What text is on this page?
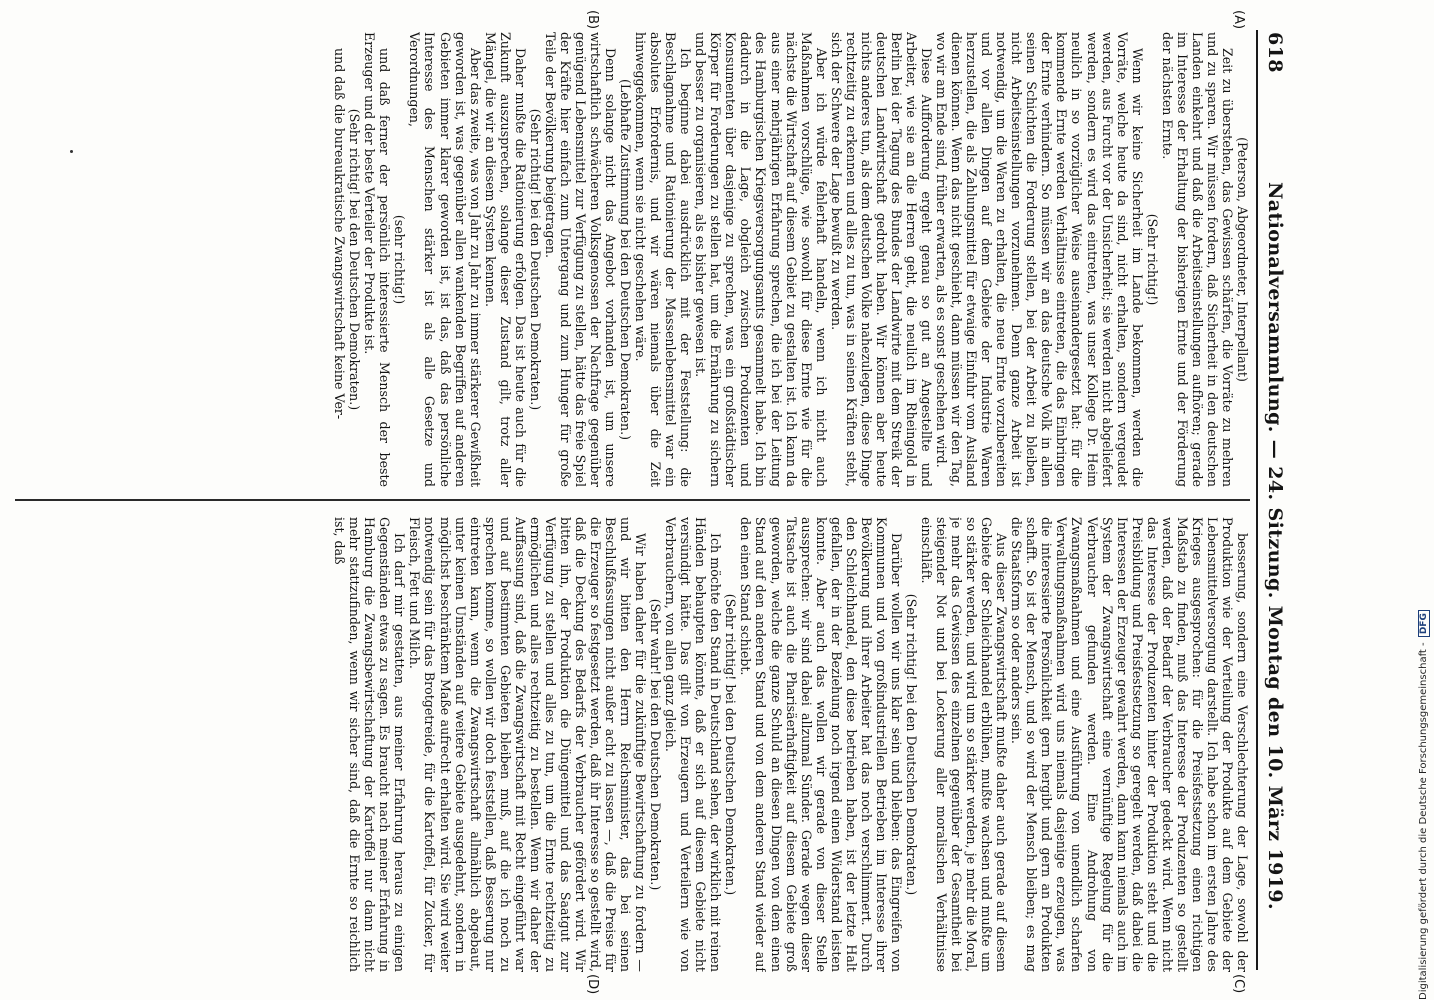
618
Nationalversammlung. — 24. Sitzung. Montag den 10. März 1919.
(A)
(B)
(C)
(D)

(Peterson, Abgeordneter, Interpellant)

Zeit zu überstehen, das Gewissen schärfen, die Vorräte zu mehren und zu sparen. Wir müssen fordern, daß Sicherheit in den deutschen Landen einkehrt und daß die Arbeitseinstellungen aufhören; gerade im Interesse der Erhaltung der bisherigen Ernte und der Förderung der nächsten Ernte.

(Sehr richtig!)

Wenn wir keine Sicherheit im Lande bekommen, werden die Vorräte, welche heute da sind, nicht erhalten, sondern vergeudet werden, aus Furcht vor der Unsicherheit; sie werden nicht abgeliefert werden, sondern es wird das eintreten, was unser Kollege Dr. Heim neulich in so vorzüglicher Weise auseinandergesetzt hat: für die kommende Ernte werden Verhältnisse eintreten, die das Einbringen der Ernte verhindern. So müssen wir an das deutsche Volk in allen seinen Schichten die Forderung stellen, bei der Arbeit zu bleiben, nicht Arbeitseinstellungen vorzunehmen. Denn ganze Arbeit ist notwendig, um die Waren zu erhalten, die neue Ernte vorzubereiten und vor allen Dingen auf dem Gebiete der Industrie Waren herzustellen, die als Zahlungsmittel für etwaige Einfuhr vom Ausland dienen können. Wenn das nicht geschieht, dann müssen wir den Tag, wo wir am Ende sind, früher erwarten, als es sonst geschehen wird.

Diese Aufforderung ergeht genau so gut an Angestellte und Arbeiter, wie sie an die Herren geht, die neulich im Rheingold in Berlin bei der Tagung des Bundes der Landwirte mit dem Streik der deutschen Landwirtschaft gedroht haben. Wir können aber heute nichts anderes tun, als dem deutschen Volke nahezulegen, diese Dinge rechtzeitig zu erkennen und alles zu tun, was in seinen Kräften steht, sich der Schwere der Lage bewußt zu werden.

Aber ich würde fehlerhaft handeln, wenn ich nicht auch Maßnahmen vorschlüge, wie sowohl für diese Ernte wie für die nächste die Wirtschaft auf diesem Gebiet zu gestalten ist. Ich kann da aus einer mehrjährigen Erfahrung sprechen, die ich bei der Leitung des Hamburgischen Kriegsversorgungsamts gesammelt habe. Ich bin dadurch in die Lage, obgleich zwischen Produzenten und Konsumenten über dasjenige zu sprechen, was ein großstädtischer Körper für Forderungen zu stellen hat, um die Ernährung zu sichern und besser zu organisieren, als es bisher gewesen ist.

Ich beginne dabei ausdrücklich mit der Feststellung: die Beschlagnahme und Rationierung der Massenlebensmittel war ein absolutes Erfordernis, und wir wären niemals über die Zeit hinweggekommen, wenn sie nicht geschehen wäre.

(Lebhafte Zustimmung bei den Deutschen Demokraten.)

Denn solange nicht das Angebot vorhanden ist, um unsere wirtschaftlich schwächeren Volksgenossen der Nachfrage gegenüber genügend Lebensmittel zur Verfügung zu stellen, hätte das freie Spiel der Kräfte hier einfach zum Untergang und zum Hunger für große Teile der Bevölkerung beigetragen.

(Sehr richtig! bei den Deutschen Demokraten.)

Daher mußte die Rationierung erfolgen. Das ist heute auch für die Zukunft auszusprechen, solange dieser Zustand gilt, trotz aller Mängel, die wir an diesem System kennen.

Aber das zweite, was von Jahr zu Jahr zu immer stärkerer Gewißheit geworden ist, was gegenüber allen wankenden Begriffen auf anderen Gebieten immer klarer geworden ist, ist das, daß das persönliche Interesse des Menschen stärker ist als alle Gesetze und Verordnungen,

(sehr richtig!)

und daß ferner der persönlich interessierte Mensch der beste Erzeuger und der beste Verteiler der Produkte ist.

(Sehr richtig! bei den Deutschen Demokraten.)

und daß die bureaukratische Zwangswirtschaft keine Ver-

besserung, sondern eine Verschlechterung der Lage, sowohl der Produktion wie der Verteilung der Produkte auf dem Gebiete der Lebensmittelversorgung darstellt. Ich habe schon im ersten Jahre des Krieges ausgesprochen: für die Preisfestsetzung einen richtigen Maßstab zu finden, muß das Interesse der Produzenten so gestellt werden, daß der Bedarf der Verbraucher gedeckt wird. Wenn nicht das Interesse der Produzenten hinter der Produktion steht und die Preisbildung und Preisfestsetzung so geregelt werden, daß dabei die Interessen der Erzeuger gewahrt werden, dann kann niemals auch im System der Zwangswirtschaft eine vernünftige Regelung für die Verbraucher gefunden werden. Eine Androhung von Zwangsmaßnahmen und eine Ausführung von unendlich scharfen Verwaltungsmaßnahmen wird uns niemals dasjenige erzeugen, was die interessierte Persönlichkeit gern hergibt und gern an Produkten schafft. So ist der Mensch, und so wird der Mensch bleiben; es mag die Staatsform so oder anders sein.

Aus dieser Zwangswirtschaft mußte daher auch gerade auf diesem Gebiete der Schleichhandel erblühen, mußte wachsen und mußte um so stärker werden, und wird um so stärker werden, je mehr die Moral, je mehr das Gewissen des einzelnen gegenüber der Gesamtheit bei steigender Not und bei Lockerung aller moralischen Verhältnisse einschläft.

(Sehr richtig! bei den Deutschen Demokraten.)

Darüber wollen wir uns klar sein und bleiben: das Eingreifen von Kommunen und von großindustriellen Betrieben im Interesse ihrer Bevölkerung und ihrer Arbeiter hat das noch verschlimmert. Durch den Schleichhandel, den diese betrieben haben, ist der letzte Halt gefallen, der in der Beziehung noch irgend einen Widerstand leisten konnte. Aber auch das wollen wir gerade von dieser Stelle aussprechen: wir sind dabei allzumal Sünder. Gerade wegen dieser Tatsache ist auch die Pharisäerhaftigkeit auf diesem Gebiete groß geworden, welche die ganze Schuld an diesen Dingen von dem einen Stand auf den anderen Stand und von dem anderen Stand wieder auf den einen Stand schiebt.

(Sehr richtig! bei den Deutschen Demokraten.)

Ich möchte den Stand in Deutschland sehen, der wirklich mit reinen Händen behaupten könnte, daß er sich auf diesem Gebiete nicht versündigt hätte. Das gilt von Erzeugern und Verteilern wie von Verbrauchern, von allen ganz gleich.

(Sehr wahr! bei den Deutschen Demokraten.)

Wir haben daher für die zukünftige Bewirtschaftung zu fordern — und wir bitten den Herrn Reichsminister, das bei seinen Beschlußfassungen nicht außer acht zu lassen —, daß die Preise für die Erzeuger so festgesetzt werden, daß ihr Interesse so gestellt wird, daß die Deckung des Bedarfs der Verbraucher gefördert wird. Wir bitten ihn, der Produktion die Düngemittel und das Saatgut zur Verfügung zu stellen und alles zu tun, um die Ernte rechtzeitig zu ermöglichen und alles rechtzeitig zu bestellen. Wenn wir daher der Auffassung sind, daß die Zwangswirtschaft mit Recht eingeführt war und auf bestimmten Gebieten bleiben muß, auf die ich noch zu sprechen komme, so wollen wir doch feststellen, daß Besserung nur eintreten kann, wenn die Zwangswirtschaft allmählich abgebaut, unter keinen Umständen auf weitere Gebiete ausgedehnt, sondern in möglichst beschränktem Maße aufrecht erhalten wird. Sie wird weiter notwendig sein für das Brotgetreide, für die Kartoffel, für Zucker, für Fleisch, Fett und Milch.

Ich darf mir gestatten, aus meiner Erfahrung heraus zu einigen Gegenständen etwas zu sagen. Es braucht nach meiner Erfahrung in Hamburg die Zwangsbewirtschaftung der Kartoffel nur dann nicht mehr stattzufinden, wenn wir sicher sind, daß die Ernte so reichlich ist, daß

Digitalisierung gefördert durch die Deutsche Forschungsgemeinschaft - DFG
